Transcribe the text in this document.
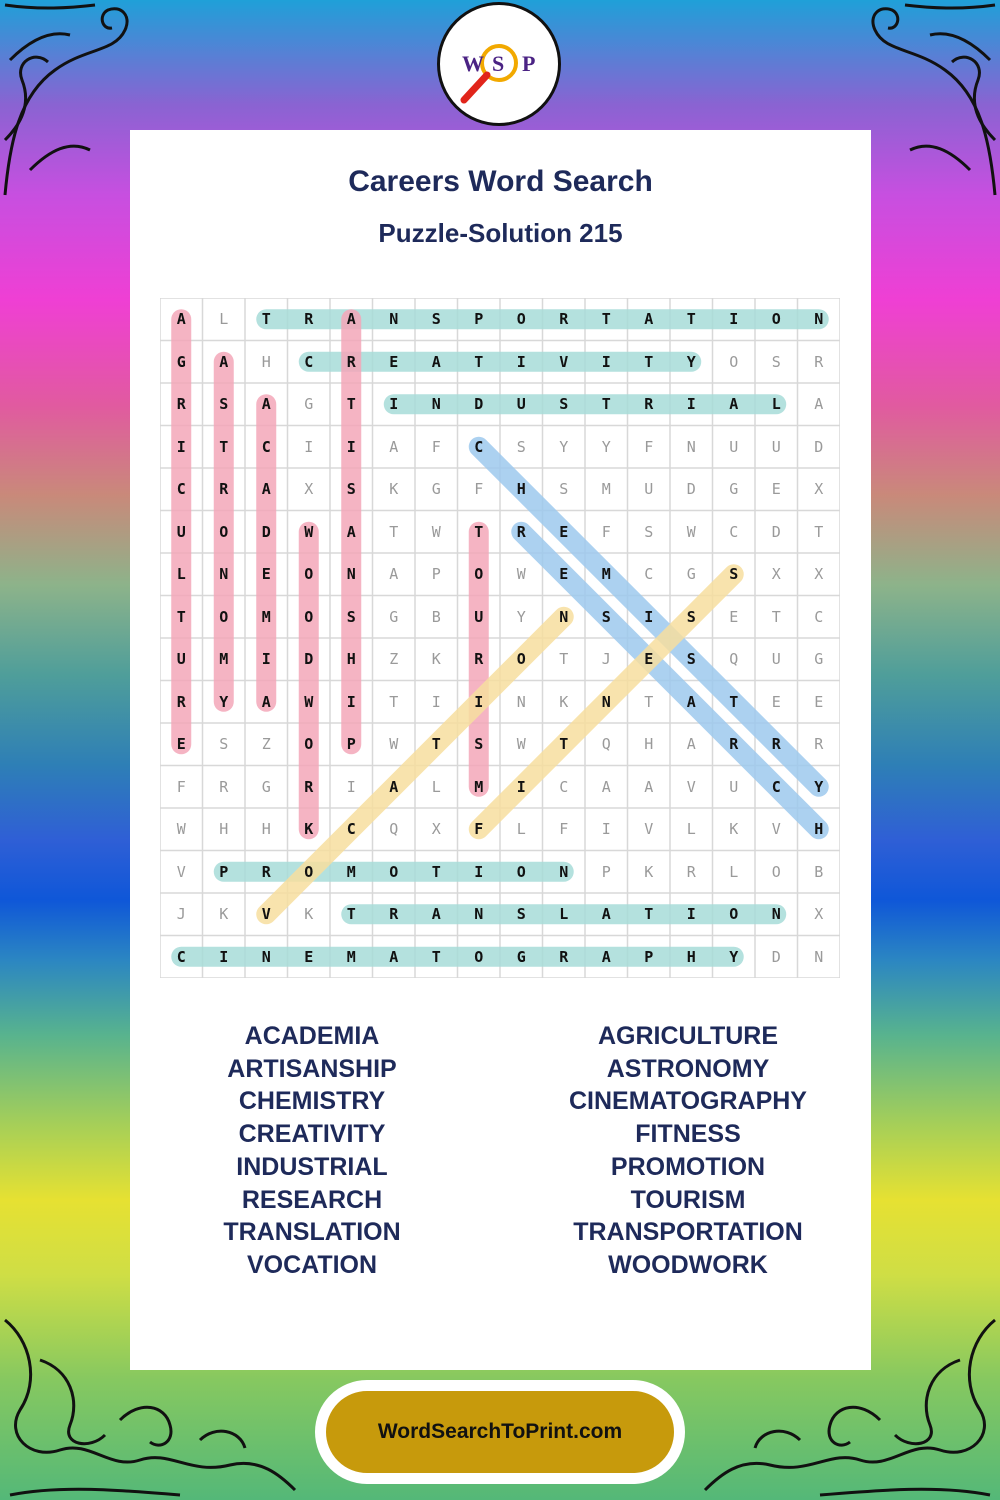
W S P
Careers Word Search
Puzzle-Solution 215
A	L	T	R	A	N	S	P	O	R	T	A	T	I	O	N
G	A	H	C	R	E	A	T	I	V	I	T	Y	O	S	R
R	S	A	G	T	I	N	D	U	S	T	R	I	A	L	A
I	T	C	I	I	A	F	C	S	Y	Y	F	N	U	U	D
C	R	A	X	S	K	G	F	H	S	M	U	D	G	E	X
U	O	D	W	A	T	W	T	R	E	F	S	W	C	D	T
L	N	E	O	N	A	P	O	W	E	M	C	G	S	X	X
T	O	M	O	S	G	B	U	Y	N	S	I	S	E	T	C
U	M	I	D	H	Z	K	R	O	T	J	E	S	Q	U	G
R	Y	A	W	I	T	I	I	N	K	N	T	A	T	E	E
E	S	Z	O	P	W	T	S	W	T	Q	H	A	R	R	R
F	R	G	R	I	A	L	M	I	C	A	A	V	U	C	Y
W	H	H	K	C	Q	X	F	L	F	I	V	L	K	V	H
V	P	R	O	M	O	T	I	O	N	P	K	R	L	O	B
J	K	V	K	T	R	A	N	S	L	A	T	I	O	N	X
C	I	N	E	M	A	T	O	G	R	A	P	H	Y	D	N
ACADEMIA
ARTISANSHIP
CHEMISTRY
CREATIVITY
INDUSTRIAL
RESEARCH
TRANSLATION
VOCATION
AGRICULTURE
ASTRONOMY
CINEMATOGRAPHY
FITNESS
PROMOTION
TOURISM
TRANSPORTATION
WOODWORK
WordSearchToPrint.com
